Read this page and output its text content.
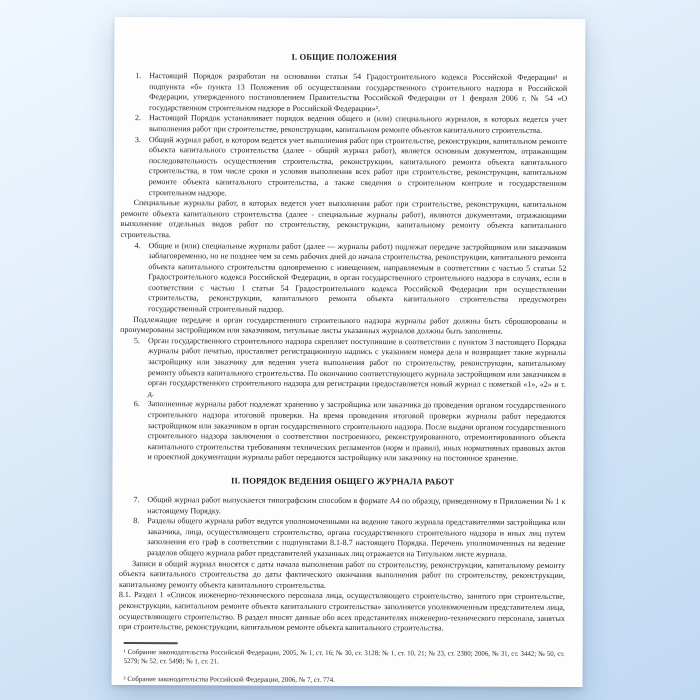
I. ОБЩИЕ ПОЛОЖЕНИЯ
1. Настоящий Порядок разработан на основании статьи 54 Градостроительного кодекса Российской Федерации¹ и подпункта «б» пункта 13 Положения об осуществлении государственного строительного надзора в Российской Федерации, утвержденного постановлением Правительства Российской Федерации от 1 февраля 2006 г. № 54 «О государственном строительном надзоре в Российской Федерации»².
2. Настоящий Порядок устанавливает порядок ведения общего и (или) специального журналов, в которых ведется учет выполнения работ при строительстве, реконструкции, капитальном ремонте объектов капитального строительства.
3. Общий журнал работ, в котором ведется учет выполнения работ при строительстве, реконструкции, капитальном ремонте объекта капитального строительства (далее - общий журнал работ), является основным документом, отражающим последовательность осуществления строительства, реконструкции, капитального ремонта объекта капитального строительства, в том числе сроки и условия выполнения всех работ при строительстве, реконструкции, капитальном ремонте объекта капитального строительства, а также сведения о строительном контроле и государственном строительном надзоре.
Специальные журналы работ, в которых ведется учет выполнения работ при строительстве, реконструкции, капитальном ремонте объекта капитального строительства (далее - специальные журналы работ), являются документами, отражающими выполнение отдельных видов работ по строительству, реконструкции, капитальному ремонту объекта капитального строительства.
4. Общие и (или) специальные журналы работ (далее — журналы работ) подлежат передаче застройщиком или заказчиком заблаговременно, но не позднее чем за семь рабочих дней до начала строительства, реконструкции, капитального ремонта объекта капитального строительства одновременно с извещением, направляемым в соответствии с частью 5 статьи 52 Градостроительного кодекса Российской Федерации, в орган государственного строительного надзора в случаях, если в соответствии с частью 1 статьи 54 Градостроительного кодекса Российской Федерации при осуществлении строительства, реконструкции, капитального ремонта объекта капитального строительства предусмотрен государственный строительный надзор.
Подлежащие передаче в орган государственного строительного надзора журналы работ должны быть сброшюрованы и пронумерованы застройщиком или заказчиком, титульные листы указанных журналов должны быть заполнены.
5. Орган государственного строительного надзора скрепляет поступившие в соответствии с пунктом 3 настоящего Порядка журналы работ печатью, проставляет регистрационную надпись с указанием номера дела и возвращает такие журналы застройщику или заказчику для ведения учета выполнения работ по строительству, реконструкции, капитальному ремонту объекта капитального строительства. По окончанию соответствующего журнала застройщиком или заказчиком в орган государственного строительного надзора для регистрации предоставляется новый журнал с пометкой «1», «2» и т. д.
6. Заполненные журналы работ подлежат хранению у застройщика или заказчика до проведения органом государственного строительного надзора итоговой проверки. На время проведения итоговой проверки журналы работ передаются застройщиком или заказчиком в орган государственного строительного надзора. После выдачи органом государственного строительного надзора заключения о соответствии построенного, реконструированного, отремонтированного объекта капитального строительства требованиям технических регламентов (норм и правил), иных нормативных правовых актов и проектной документации журналы работ передаются застройщику или заказчику на постоянное хранение.
II. ПОРЯДОК ВЕДЕНИЯ ОБЩЕГО ЖУРНАЛА РАБОТ
7. Общий журнал работ выпускается типографским способом в формате А4 по образцу, приведенному в Приложении № 1 к настоящему Порядку.
8. Разделы общего журнала работ ведутся уполномоченными на ведение такого журнала представителями застройщика или заказчика, лица, осуществляющего строительство, органа государственного строительного надзора и иных лиц путем заполнения его граф в соответствии с подпунктами 8.1-8.7 настоящего Порядка. Перечень уполномоченных на ведение разделов общего журнала работ представителей указанных лиц отражается на Титульном листе журнала.
Записи в общий журнал вносятся с даты начала выполнения работ по строительству, реконструкции, капитальному ремонту объекта капитального строительства до даты фактического окончания выполнения работ по строительству, реконструкции, капитальному ремонту объекта капитального строительства.
8.1. Раздел 1 «Список инженерно-технического персонала лица, осуществляющего строительство, занятого при строительстве, реконструкции, капитальном ремонте объекта капитального строительства» заполняется уполномоченным представителем лица, осуществляющего строительство. В раздел вносят данные обо всех представителях инженерно-технического персонала, занятых при строительстве, реконструкции, капитальном ремонте объекта капитального строительства.
¹ Собрание законодательства Российской Федерации, 2005, № 1, ст. 16; № 30, ст. 3128; № 1, ст. 10, 21; № 23, ст. 2380; 2006, № 31, ст. 3442; № 50, ст. 5279; № 52, ст. 5498; № 1, ст. 21.
² Собрание законодательства Российской Федерации, 2006, № 7, ст. 774.
